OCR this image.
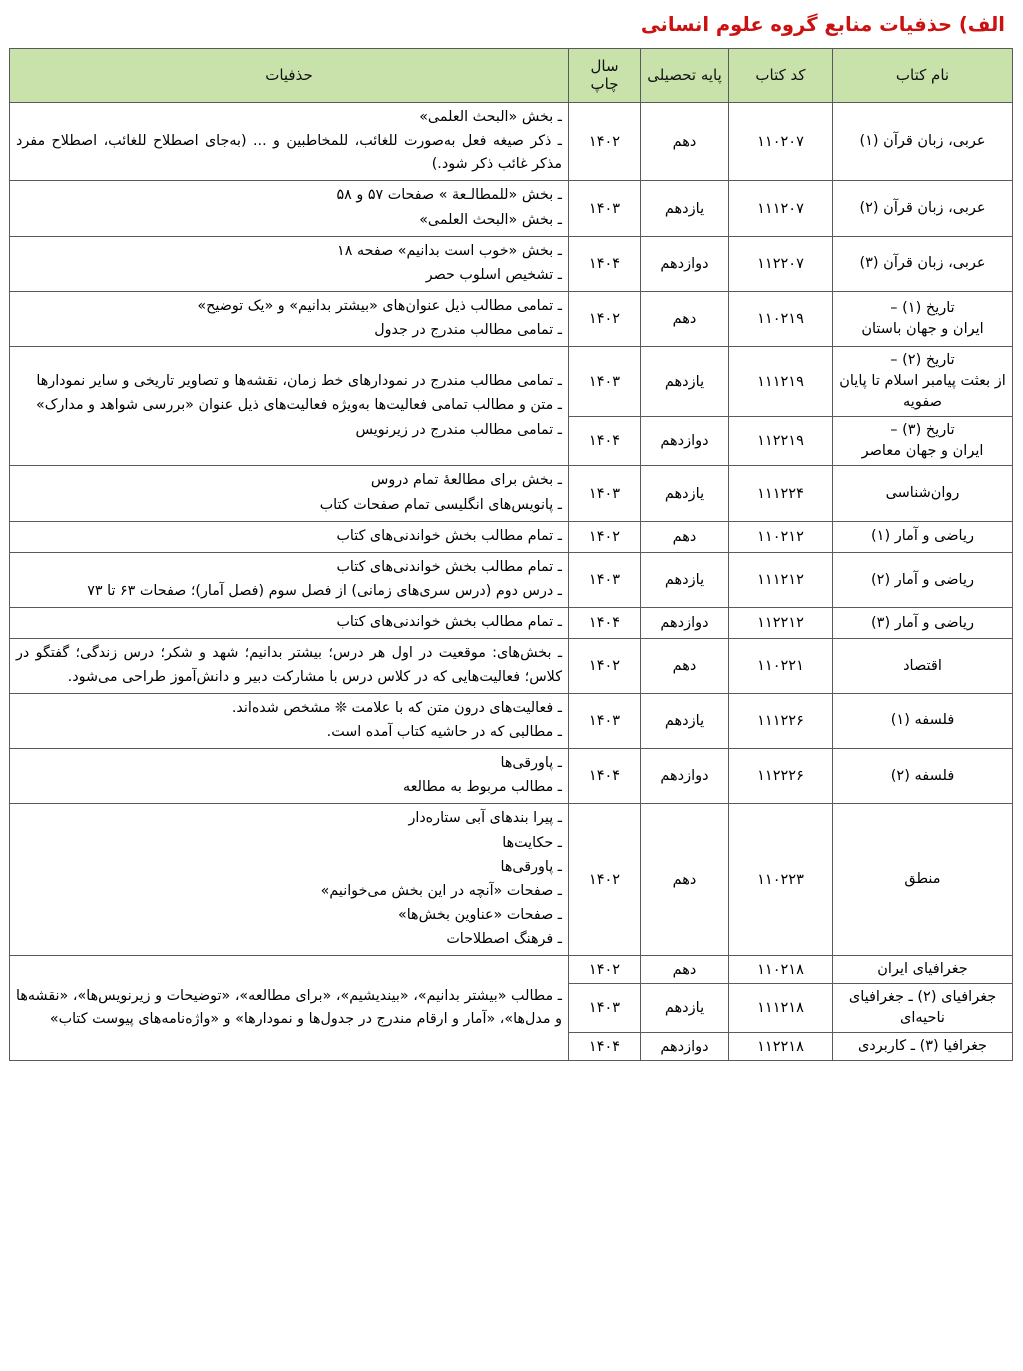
الف) حذفیات منابع گروه علوم انسانی
نام کتاب	کد کتاب	پایه تحصیلی	سال چاپ	حذفیات
عربی، زبان قرآن (۱)	۱۱۰۲۰۷	دهم	۱۴۰۲	
ـ بخش «البحث العلمی»
ـ ذکر صیغه فعل به‌صورت للغائب، للمخاطبین و ... (به‌جای اصطلاح للغائب، اصطلاح مفرد مذکر غائب ذکر شود.)

عربی، زبان قرآن (۲)	۱۱۱۲۰۷	یازدهم	۱۴۰۳	
ـ بخش «للمطالـعة » صفحات ۵۷ و ۵۸
ـ بخش «البحث العلمی»

عربی، زبان قرآن (۳)	۱۱۲۲۰۷	دوازدهم	۱۴۰۴	
ـ بخش «خوب است بدانیم» صفحه ۱۸
ـ تشخیص اسلوب حصر

تاریخ (۱) –
ایران و جهان باستان	۱۱۰۲۱۹	دهم	۱۴۰۲	
ـ تمامی مطالب ذیل عنوان‌های «بیشتر بدانیم» و «یک توضیح»
ـ تمامی مطالب مندرج در جدول

تاریخ (۲) –
از بعثت پیامبر اسلام تا پایان صفویه	۱۱۱۲۱۹	یازدهم	۱۴۰۳	
ـ تمامی مطالب مندرج در نمودارهای خط زمان، نقشه‌ها و تصاویر تاریخی و سایر نمودارها
ـ متن و مطالب تمامی فعالیت‌ها به‌ویژه فعالیت‌های ذیل عنوان «بررسی شواهد و مدارک»
ـ تمامی مطالب مندرج در زیرنویس

تاریخ (۳) –
ایران و جهان معاصر	۱۱۲۲۱۹	دوازدهم	۱۴۰۴	
روان‌شناسی	۱۱۱۲۲۴	یازدهم	۱۴۰۳	
ـ بخش برای مطالعهٔ تمام دروس
ـ پانویس‌های انگلیسی تمام صفحات کتاب

ریاضی و آمار (۱)	۱۱۰۲۱۲	دهم	۱۴۰۲	
ـ تمام مطالب بخش خواندنی‌های کتاب

ریاضی و آمار (۲)	۱۱۱۲۱۲	یازدهم	۱۴۰۳	
ـ تمام مطالب بخش خواندنی‌های کتاب
ـ درس دوم (درس سری‌های زمانی) از فصل سوم (فصل آمار)؛ صفحات ۶۳ تا ۷۳

ریاضی و آمار (۳)	۱۱۲۲۱۲	دوازدهم	۱۴۰۴	
ـ تمام مطالب بخش خواندنی‌های کتاب

اقتصاد	۱۱۰۲۲۱	دهم	۱۴۰۲	
ـ بخش‌های: موقعیت در اول هر درس؛ بیشتر بدانیم؛ شهد و شکر؛ درس زندگی؛ گفتگو در کلاس؛ فعالیت‌هایی که در کلاس درس با مشارکت دبیر و دانش‌آموز طراحی می‌شود.

فلسفه (۱)	۱۱۱۲۲۶	یازدهم	۱۴۰۳	
ـ فعالیت‌های درون متن که با علامت ❊ مشخص شده‌اند.
ـ مطالبی که در حاشیه کتاب آمده است.

فلسفه (۲)	۱۱۲۲۲۶	دوازدهم	۱۴۰۴	
ـ پاورقی‌ها
ـ مطالب مربوط به مطالعه

منطق	۱۱۰۲۲۳	دهم	۱۴۰۲	
ـ پیرا بندهای آبی ستاره‌دار
ـ حکایت‌ها
ـ پاورقی‌ها
ـ صفحات «آنچه در این بخش می‌خوانیم»
ـ صفحات «عناوین بخش‌ها»
ـ فرهنگ اصطلاحات

جغرافیای ایران	۱۱۰۲۱۸	دهم	۱۴۰۲	
ـ مطالب «بیشتر بدانیم»، «بیندیشیم»، «برای مطالعه»، «توضیحات و زیرنویس‌ها»، «نقشه‌ها و مدل‌ها»، «آمار و ارقام مندرج در جدول‌ها و نمودارها» و «واژه‌نامه‌های پیوست کتاب»

جغرافیای (۲) ـ جغرافیای ناحیه‌ای	۱۱۱۲۱۸	یازدهم	۱۴۰۳	
جغرافیا (۳) ـ کاربردی	۱۱۲۲۱۸	دوازدهم	۱۴۰۴	
